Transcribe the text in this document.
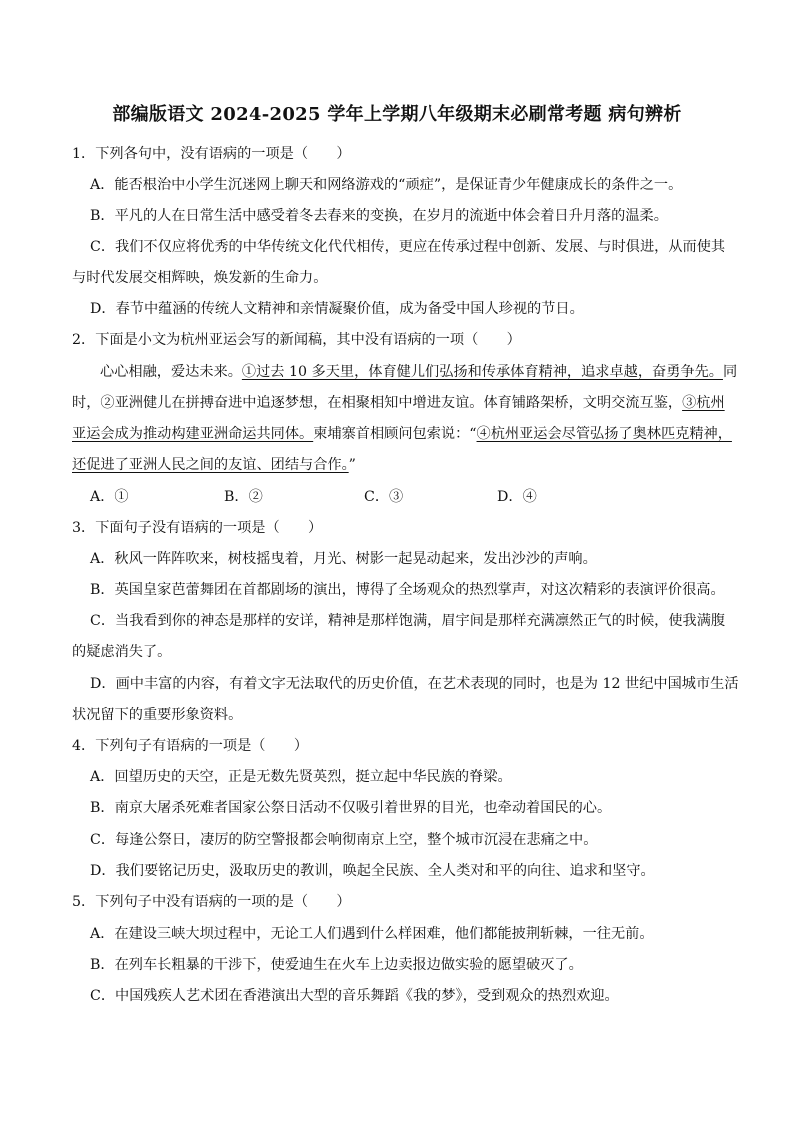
部编版语文 2024-2025 学年上学期八年级期末必刷常考题 病句辨析
1．下列各句中，没有语病的一项是（　　）
A．能否根治中小学生沉迷网上聊天和网络游戏的“顽症”，是保证青少年健康成长的条件之一。
B．平凡的人在日常生活中感受着冬去春来的变换，在岁月的流逝中体会着日升月落的温柔。
C．我们不仅应将优秀的中华传统文化代代相传，更应在传承过程中创新、发展、与时俱进，从而使其
与时代发展交相辉映，焕发新的生命力。
D．春节中蕴涵的传统人文精神和亲情凝聚价值，成为备受中国人珍视的节日。
2．下面是小文为杭州亚运会写的新闻稿，其中没有语病的一项（　　）
心心相融，爱达未来。①过去 10 多天里，体育健儿们弘扬和传承体育精神，追求卓越，奋勇争先。同
时，②亚洲健儿在拼搏奋进中追逐梦想，在相聚相知中增进友谊。体育铺路架桥，文明交流互鉴，③杭州
亚运会成为推动构建亚洲命运共同体。柬埔寨首相顾问包索说：“④杭州亚运会尽管弘扬了奥林匹克精神，
还促进了亚洲人民之间的友谊、团结与合作。”
A．①	B．②	C．③	D．④
3．下面句子没有语病的一项是（　　）
A．秋风一阵阵吹来，树枝摇曳着，月光、树影一起晃动起来，发出沙沙的声响。
B．英国皇家芭蕾舞团在首都剧场的演出，博得了全场观众的热烈掌声，对这次精彩的表演评价很高。
C．当我看到你的神态是那样的安详，精神是那样饱满，眉宇间是那样充满凛然正气的时候，使我满腹
的疑虑消失了。
D．画中丰富的内容，有着文字无法取代的历史价值，在艺术表现的同时，也是为 12 世纪中国城市生活
状况留下的重要形象资料。
4．下列句子有语病的一项是（　　）
A．回望历史的天空，正是无数先贤英烈，挺立起中华民族的脊梁。
B．南京大屠杀死难者国家公祭日活动不仅吸引着世界的目光，也牵动着国民的心。
C．每逢公祭日，凄厉的防空警报都会响彻南京上空，整个城市沉浸在悲痛之中。
D．我们要铭记历史，汲取历史的教训，唤起全民族、全人类对和平的向往、追求和坚守。
5．下列句子中没有语病的一项的是（　　）
A．在建设三峡大坝过程中，无论工人们遇到什么样困难，他们都能披荆斩棘，一往无前。
B．在列车长粗暴的干涉下，使爱迪生在火车上边卖报边做实验的愿望破灭了。
C．中国残疾人艺术团在香港演出大型的音乐舞蹈《我的梦》，受到观众的热烈欢迎。
